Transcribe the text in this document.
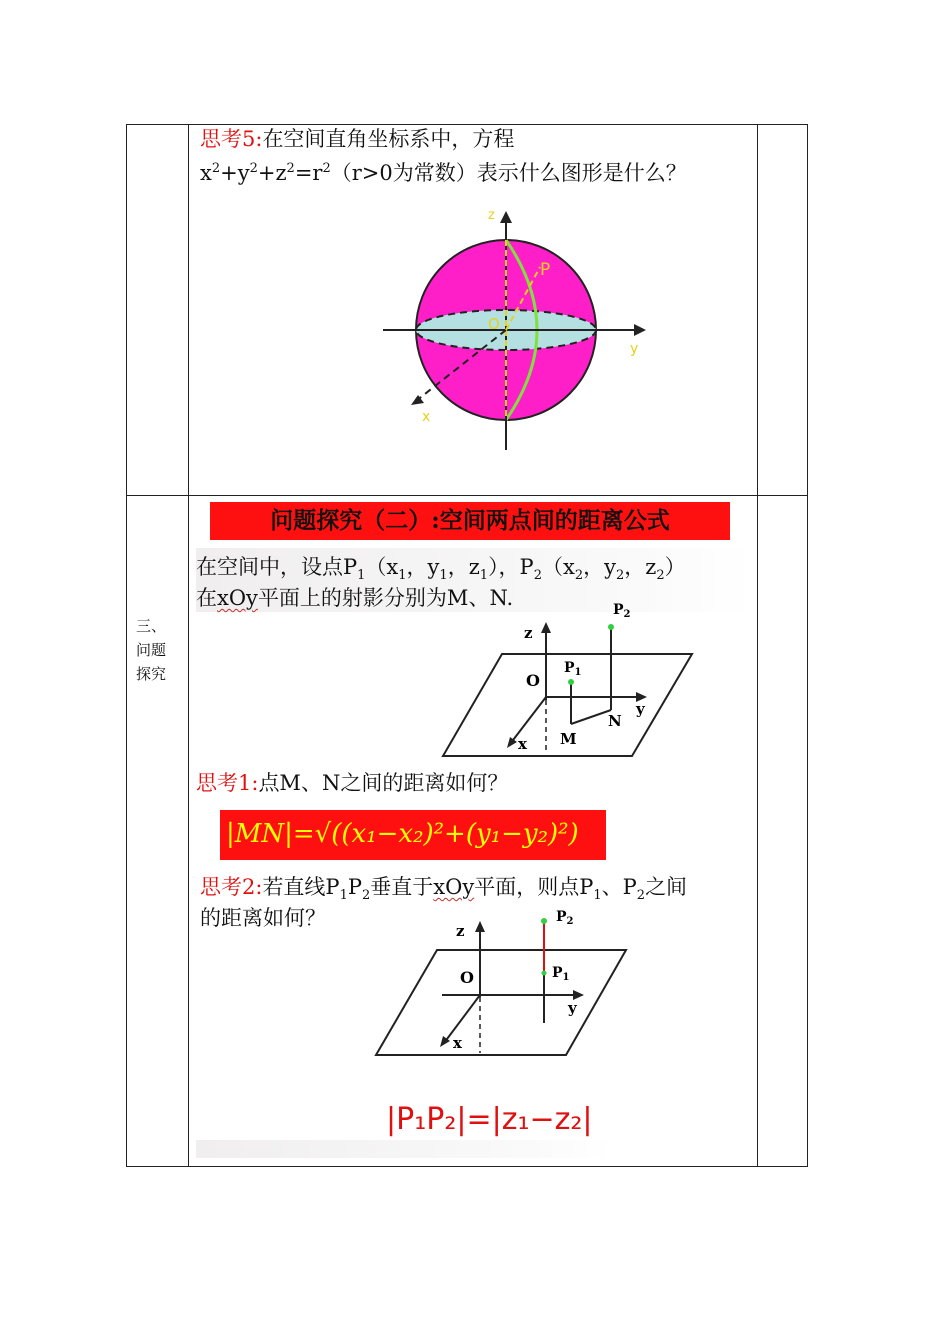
思考5:在空间直角坐标系中，方程
$x^2+y^2+z^2=r^2(r>0$为常数）表示什么图形是什么？
z
y
x
O
P
三、
问题
探究
问题探究（二）:空间两点间的距离公式
在空间中，设点$P_1(x_1$，$y_1$，$z_1$），$P_2(x_2$，$y_2$，$z_2$）
在xOy平面上的射影分别为M、N.
z
O
y
x M
N
$P_1$
$P_2$
思考1:点M、N之间的距离如何？
|MN|=√((x₁−x₂)²+(y₁−y₂)²)
思考2:若直线$P_1P_2$垂直于xOy平面，则点$P_1$、$P_2$之间
的距离如何？
z
O
y
x
$P_1$
$P_2$
|P₁P₂|=|z₁−z₂|
